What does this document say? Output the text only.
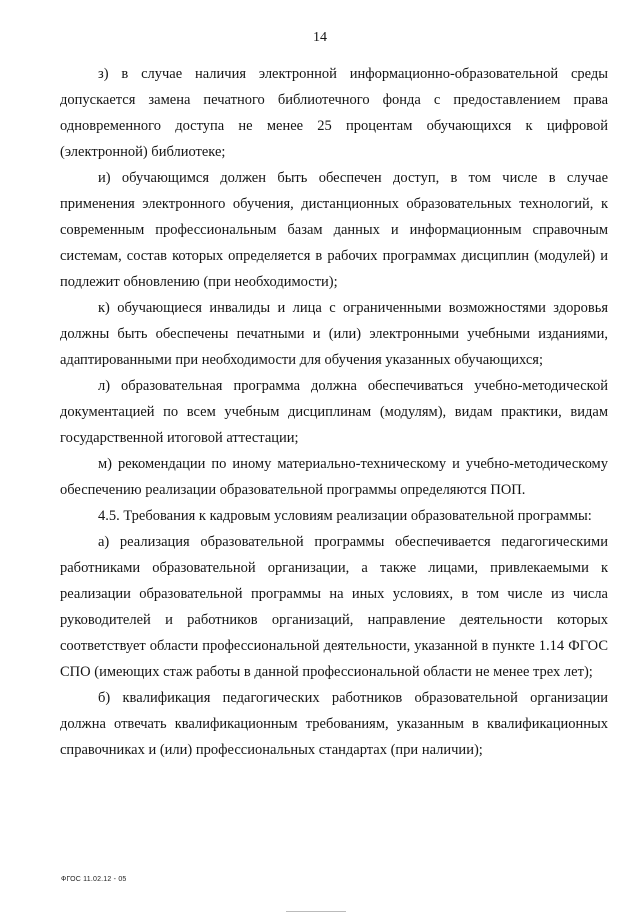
14

з) в случае наличия электронной информационно-образовательной среды допускается замена печатного библиотечного фонда с предоставлением права одновременного доступа не менее 25 процентам обучающихся к цифровой (электронной) библиотеке;

и) обучающимся должен быть обеспечен доступ, в том числе в случае применения электронного обучения, дистанционных образовательных технологий, к современным профессиональным базам данных и информационным справочным системам, состав которых определяется в рабочих программах дисциплин (модулей) и подлежит обновлению (при необходимости);

к) обучающиеся инвалиды и лица с ограниченными возможностями здоровья должны быть обеспечены печатными и (или) электронными учебными изданиями, адаптированными при необходимости для обучения указанных обучающихся;

л) образовательная программа должна обеспечиваться учебно-методической документацией по всем учебным дисциплинам (модулям), видам практики, видам государственной итоговой аттестации;

м) рекомендации по иному материально-техническому и учебно-методическому обеспечению реализации образовательной программы определяются ПОП.

4.5. Требования к кадровым условиям реализации образовательной программы:

а) реализация образовательной программы обеспечивается педагогическими работниками образовательной организации, а также лицами, привлекаемыми к реализации образовательной программы на иных условиях, в том числе из числа руководителей и работников организаций, направление деятельности которых соответствует области профессиональной деятельности, указанной в пункте 1.14 ФГОС СПО (имеющих стаж работы в данной профессиональной области не менее трех лет);

б) квалификация педагогических работников образовательной организации должна отвечать квалификационным требованиям, указанным в квалификационных справочниках и (или) профессиональных стандартах (при наличии);

ФГОС 11.02.12 - 05
